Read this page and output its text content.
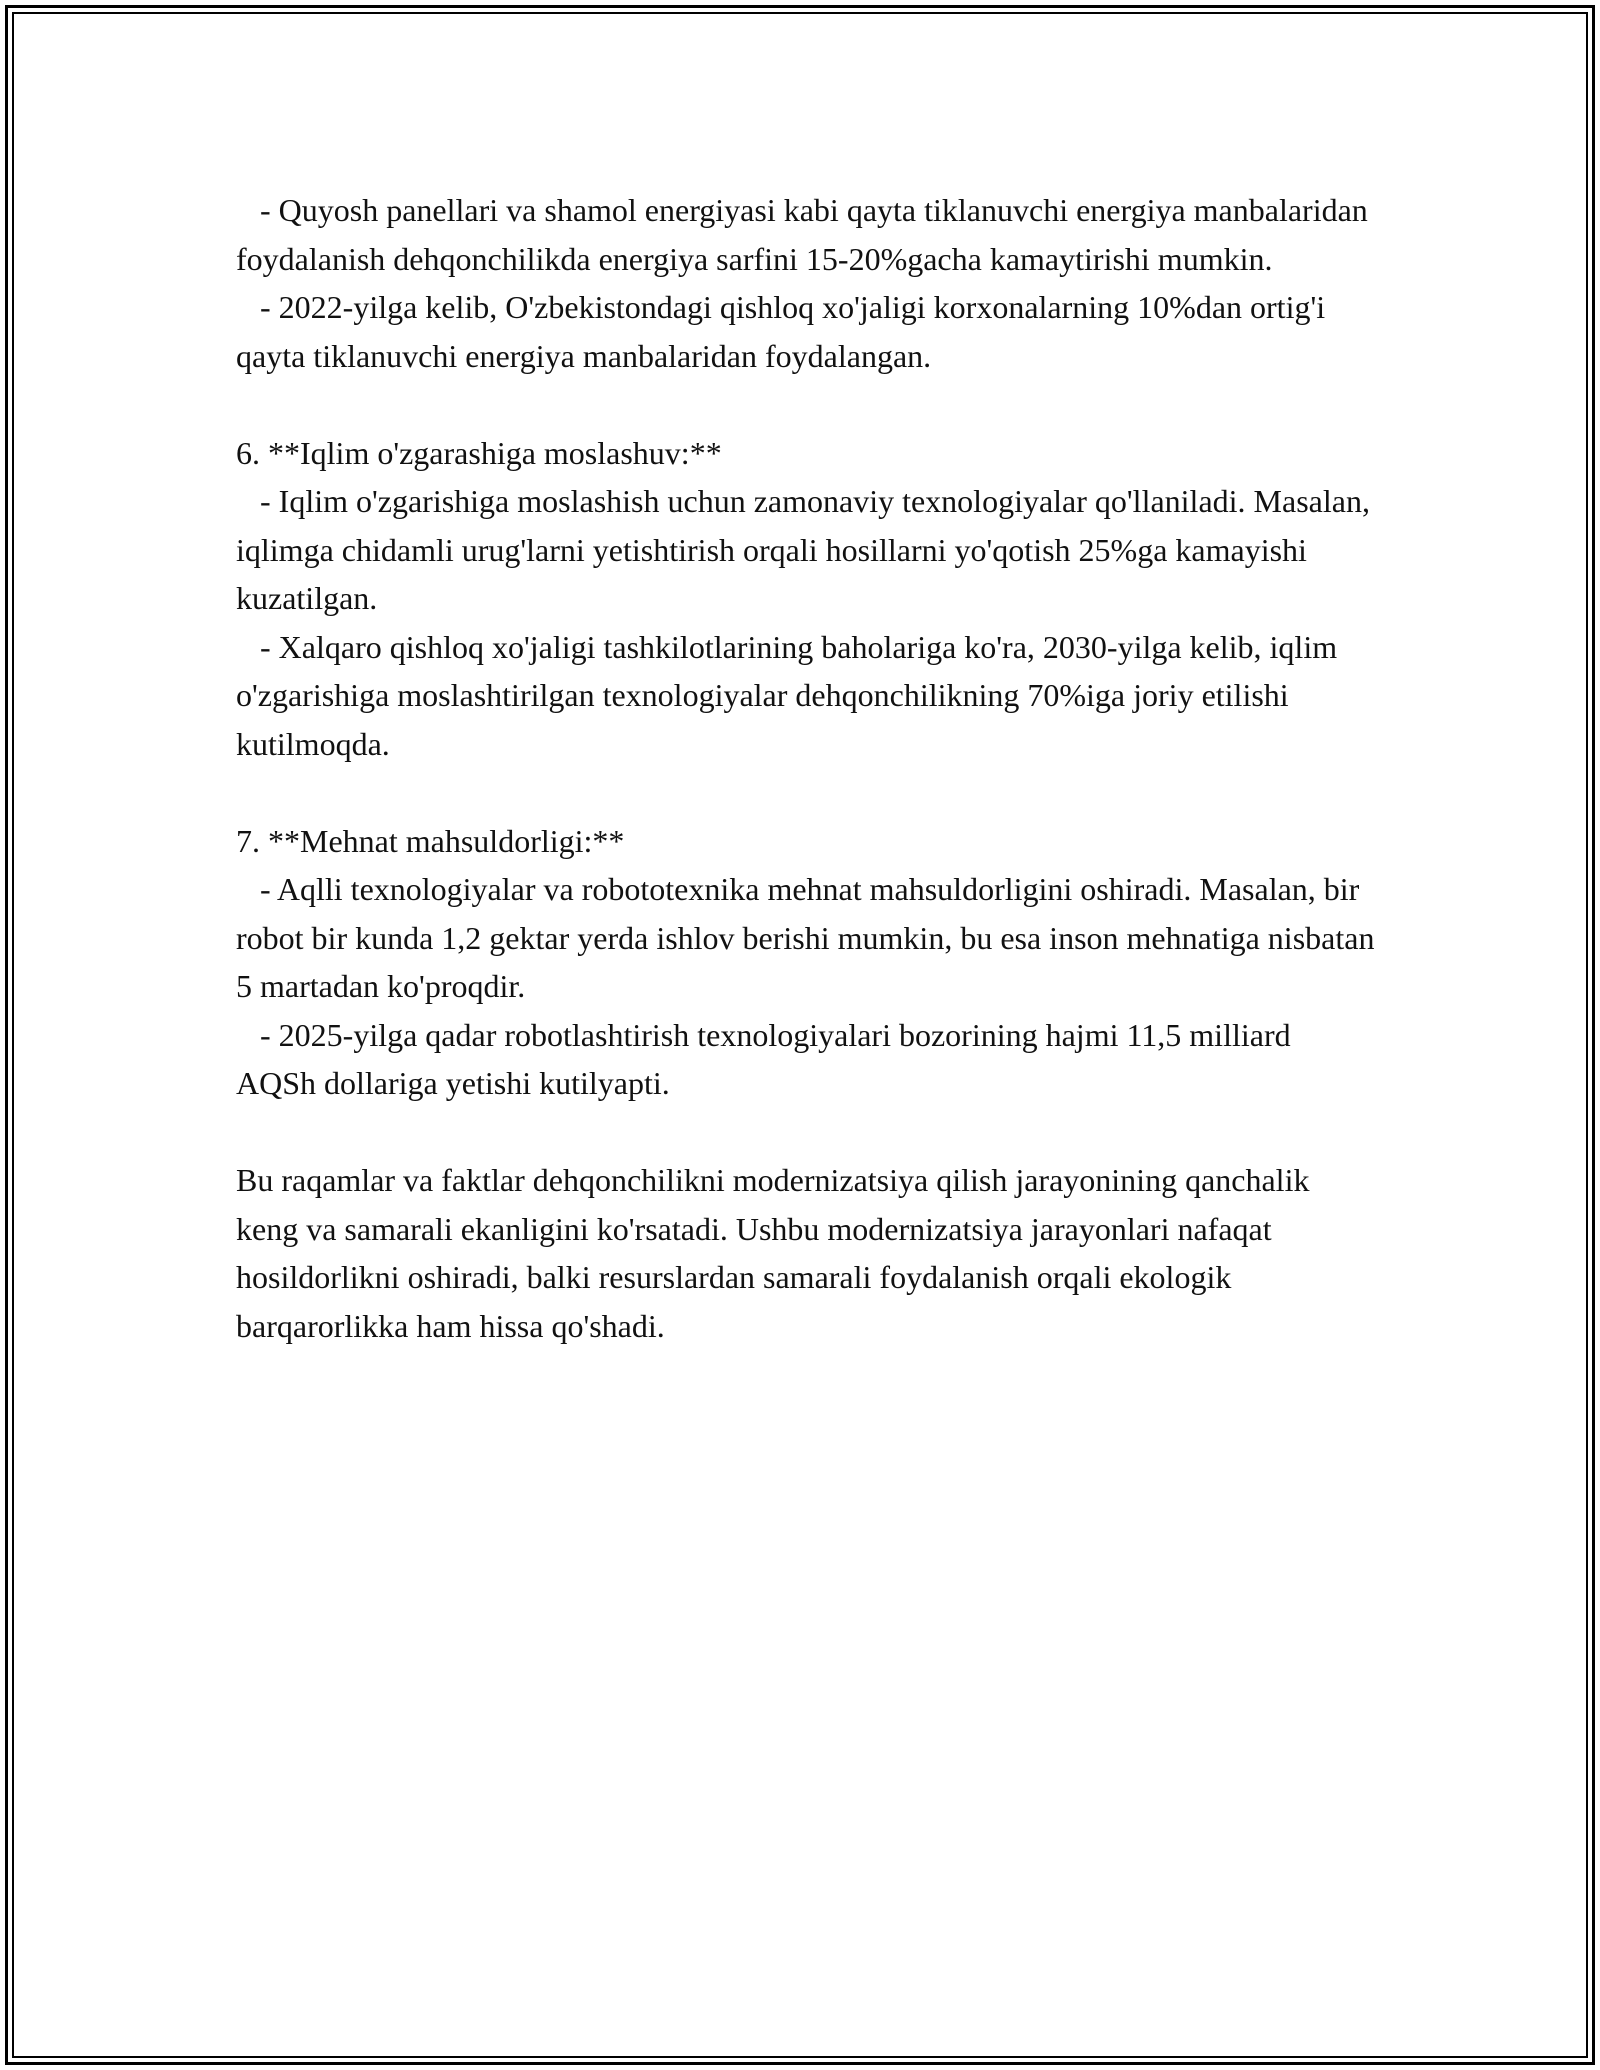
- Quyosh panellari va shamol energiyasi kabi qayta tiklanuvchi energiya manbalaridan foydalanish dehqonchilikda energiya sarfini 15-20%gacha kamaytirishi mumkin.

- 2022-yilga kelib, O'zbekistondagi qishloq xo'jaligi korxonalarning 10%dan ortig'i qayta tiklanuvchi energiya manbalaridan foydalangan.

6. **Iqlim o'zgarashiga moslashuv:**

- Iqlim o'zgarishiga moslashish uchun zamonaviy texnologiyalar qo'llaniladi. Masalan, iqlimga chidamli urug'larni yetishtirish orqali hosillarni yo'qotish 25%ga kamayishi kuzatilgan.

- Xalqaro qishloq xo'jaligi tashkilotlarining baholariga ko'ra, 2030-yilga kelib, iqlim o'zgarishiga moslashtirilgan texnologiyalar dehqonchilikning 70%iga joriy etilishi kutilmoqda.

7. **Mehnat mahsuldorligi:**

- Aqlli texnologiyalar va robototexnika mehnat mahsuldorligini oshiradi. Masalan, bir robot bir kunda 1,2 gektar yerda ishlov berishi mumkin, bu esa inson mehnatiga nisbatan 5 martadan ko'proqdir.

- 2025-yilga qadar robotlashtirish texnologiyalari bozorining hajmi 11,5 milliard AQSh dollariga yetishi kutilyapti.

Bu raqamlar va faktlar dehqonchilikni modernizatsiya qilish jarayonining qanchalik keng va samarali ekanligini ko'rsatadi. Ushbu modernizatsiya jarayonlari nafaqat hosildorlikni oshiradi, balki resurslardan samarali foydalanish orqali ekologik barqarorlikka ham hissa qo'shadi.
